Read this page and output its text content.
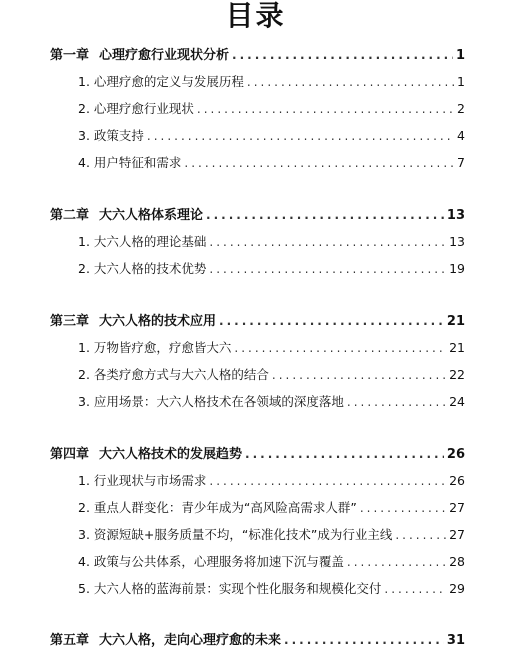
目录
第一章 心理疗愈行业现状分析 .....	1
1. 心理疗愈的定义与发展历程 .....	1
2. 心理疗愈行业现状 .....	2
3. 政策支持 .....	4
4. 用户特征和需求 .....	7
第二章 大六人格体系理论 .....	13
1. 大六人格的理论基础 .....	13
2. 大六人格的技术优势 .....	19
第三章 大六人格的技术应用 .....	21
1. 万物皆疗愈，疗愈皆大六 .....	21
2. 各类疗愈方式与大六人格的结合 .....	22
3. 应用场景：大六人格技术在各领域的深度落地 .....	24
第四章 大六人格技术的发展趋势 .....	26
1. 行业现状与市场需求 .....	26
2. 重点人群变化：青少年成为“高风险高需求人群” .....	27
3. 资源短缺+服务质量不均，“标准化技术”成为行业主线 .....	27
4. 政策与公共体系，心理服务将加速下沉与覆盖 .....	28
5. 大六人格的蓝海前景：实现个性化服务和规模化交付 .....	29
第五章 大六人格，走向心理疗愈的未来 .....	31
